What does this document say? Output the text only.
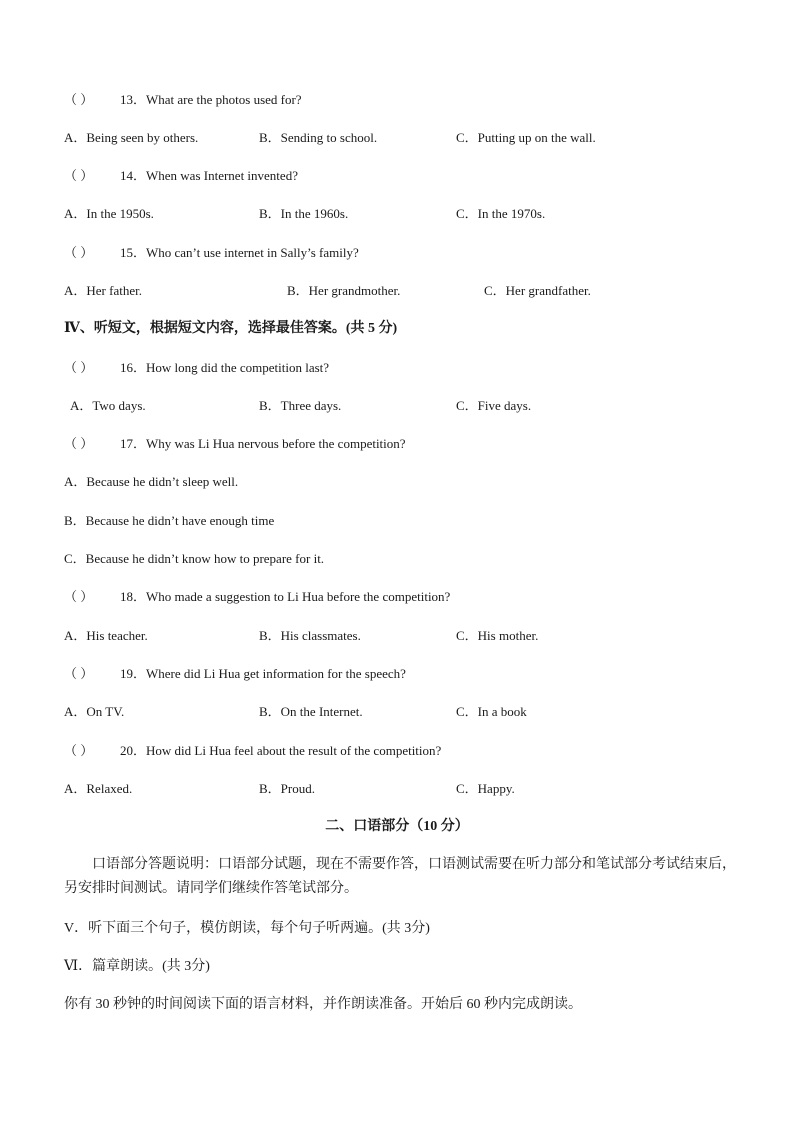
（ ） 13．What are the photos used for?
A．Being seen by others.	B．Sending to school.	C．Putting up on the wall.
（ ） 14．When was Internet invented?
A．In the 1950s.	B．In the 1960s.	C．In the 1970s.
（ ） 15．Who can’t use internet in Sally’s family?
A．Her father.	B．Her grandmother.	C．Her grandfather.
Ⅳ、听短文，根据短文内容，选择最佳答案。(共 5 分)
（ ） 16．How long did the competition last?
A．Two days.	B．Three days.	C．Five days.
（ ） 17．Why was Li Hua nervous before the competition?
A．Because he didn’t sleep well.
B．Because he didn’t have enough time
C．Because he didn’t know how to prepare for it.
（ ） 18．Who made a suggestion to Li Hua before the competition?
A．His teacher.	B．His classmates.	C．His mother.
（ ） 19．Where did Li Hua get information for the speech?
A．On TV.	B．On the Internet.	C．In a book
（ ） 20．How did Li Hua feel about the result of the competition?
A．Relaxed.	B．Proud.	C．Happy.
二、口语部分（10 分）
口语部分答题说明：口语部分试题，现在不需要作答，口语测试需要在听力部分和笔试部分考试结束后，另安排时间测试。请同学们继续作答笔试部分。
V．听下面三个句子，模仿朗读，每个句子听两遍。(共 3分)
Ⅵ．篇章朗读。(共 3分)
你有 30 秒钟的时间阅读下面的语言材料，并作朗读准备。开始后 60 秒内完成朗读。
